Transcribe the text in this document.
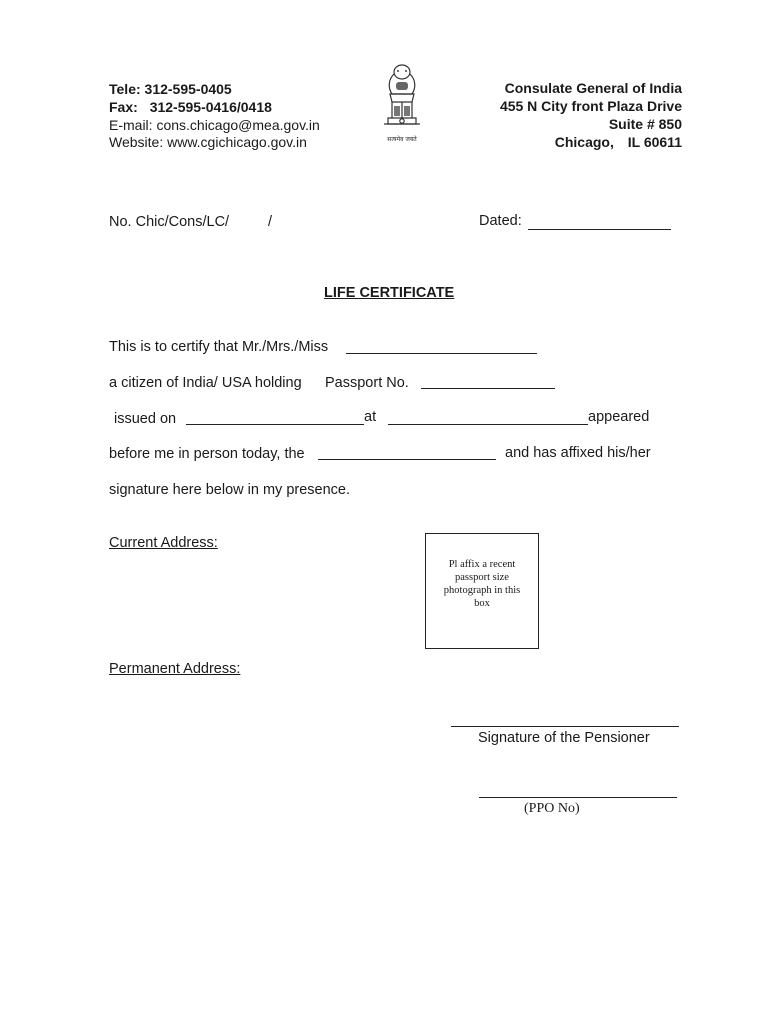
Tele: 312-595-0405
Fax: 312-595-0416/0418
E-mail: cons.chicago@mea.gov.in
Website: www.cgichicago.gov.in	सत्यमेव जयते
Consulate General of India
455 N City front Plaza Drive
Suite # 850
Chicago, IL 60611
No. Chic/Cons/LC/	/	Dated:
LIFE CERTIFICATE
This is to certify that Mr./Mrs./Miss
a citizen of India/ USA holding Passport No.
issued on	at	appeared
before me in person today, the	and has affixed his/her
signature here below in my presence.
Current Address:
Permanent Address:
Pl affix a recent
passport size
photograph in this
box
Signature of the Pensioner
(PPO No)
